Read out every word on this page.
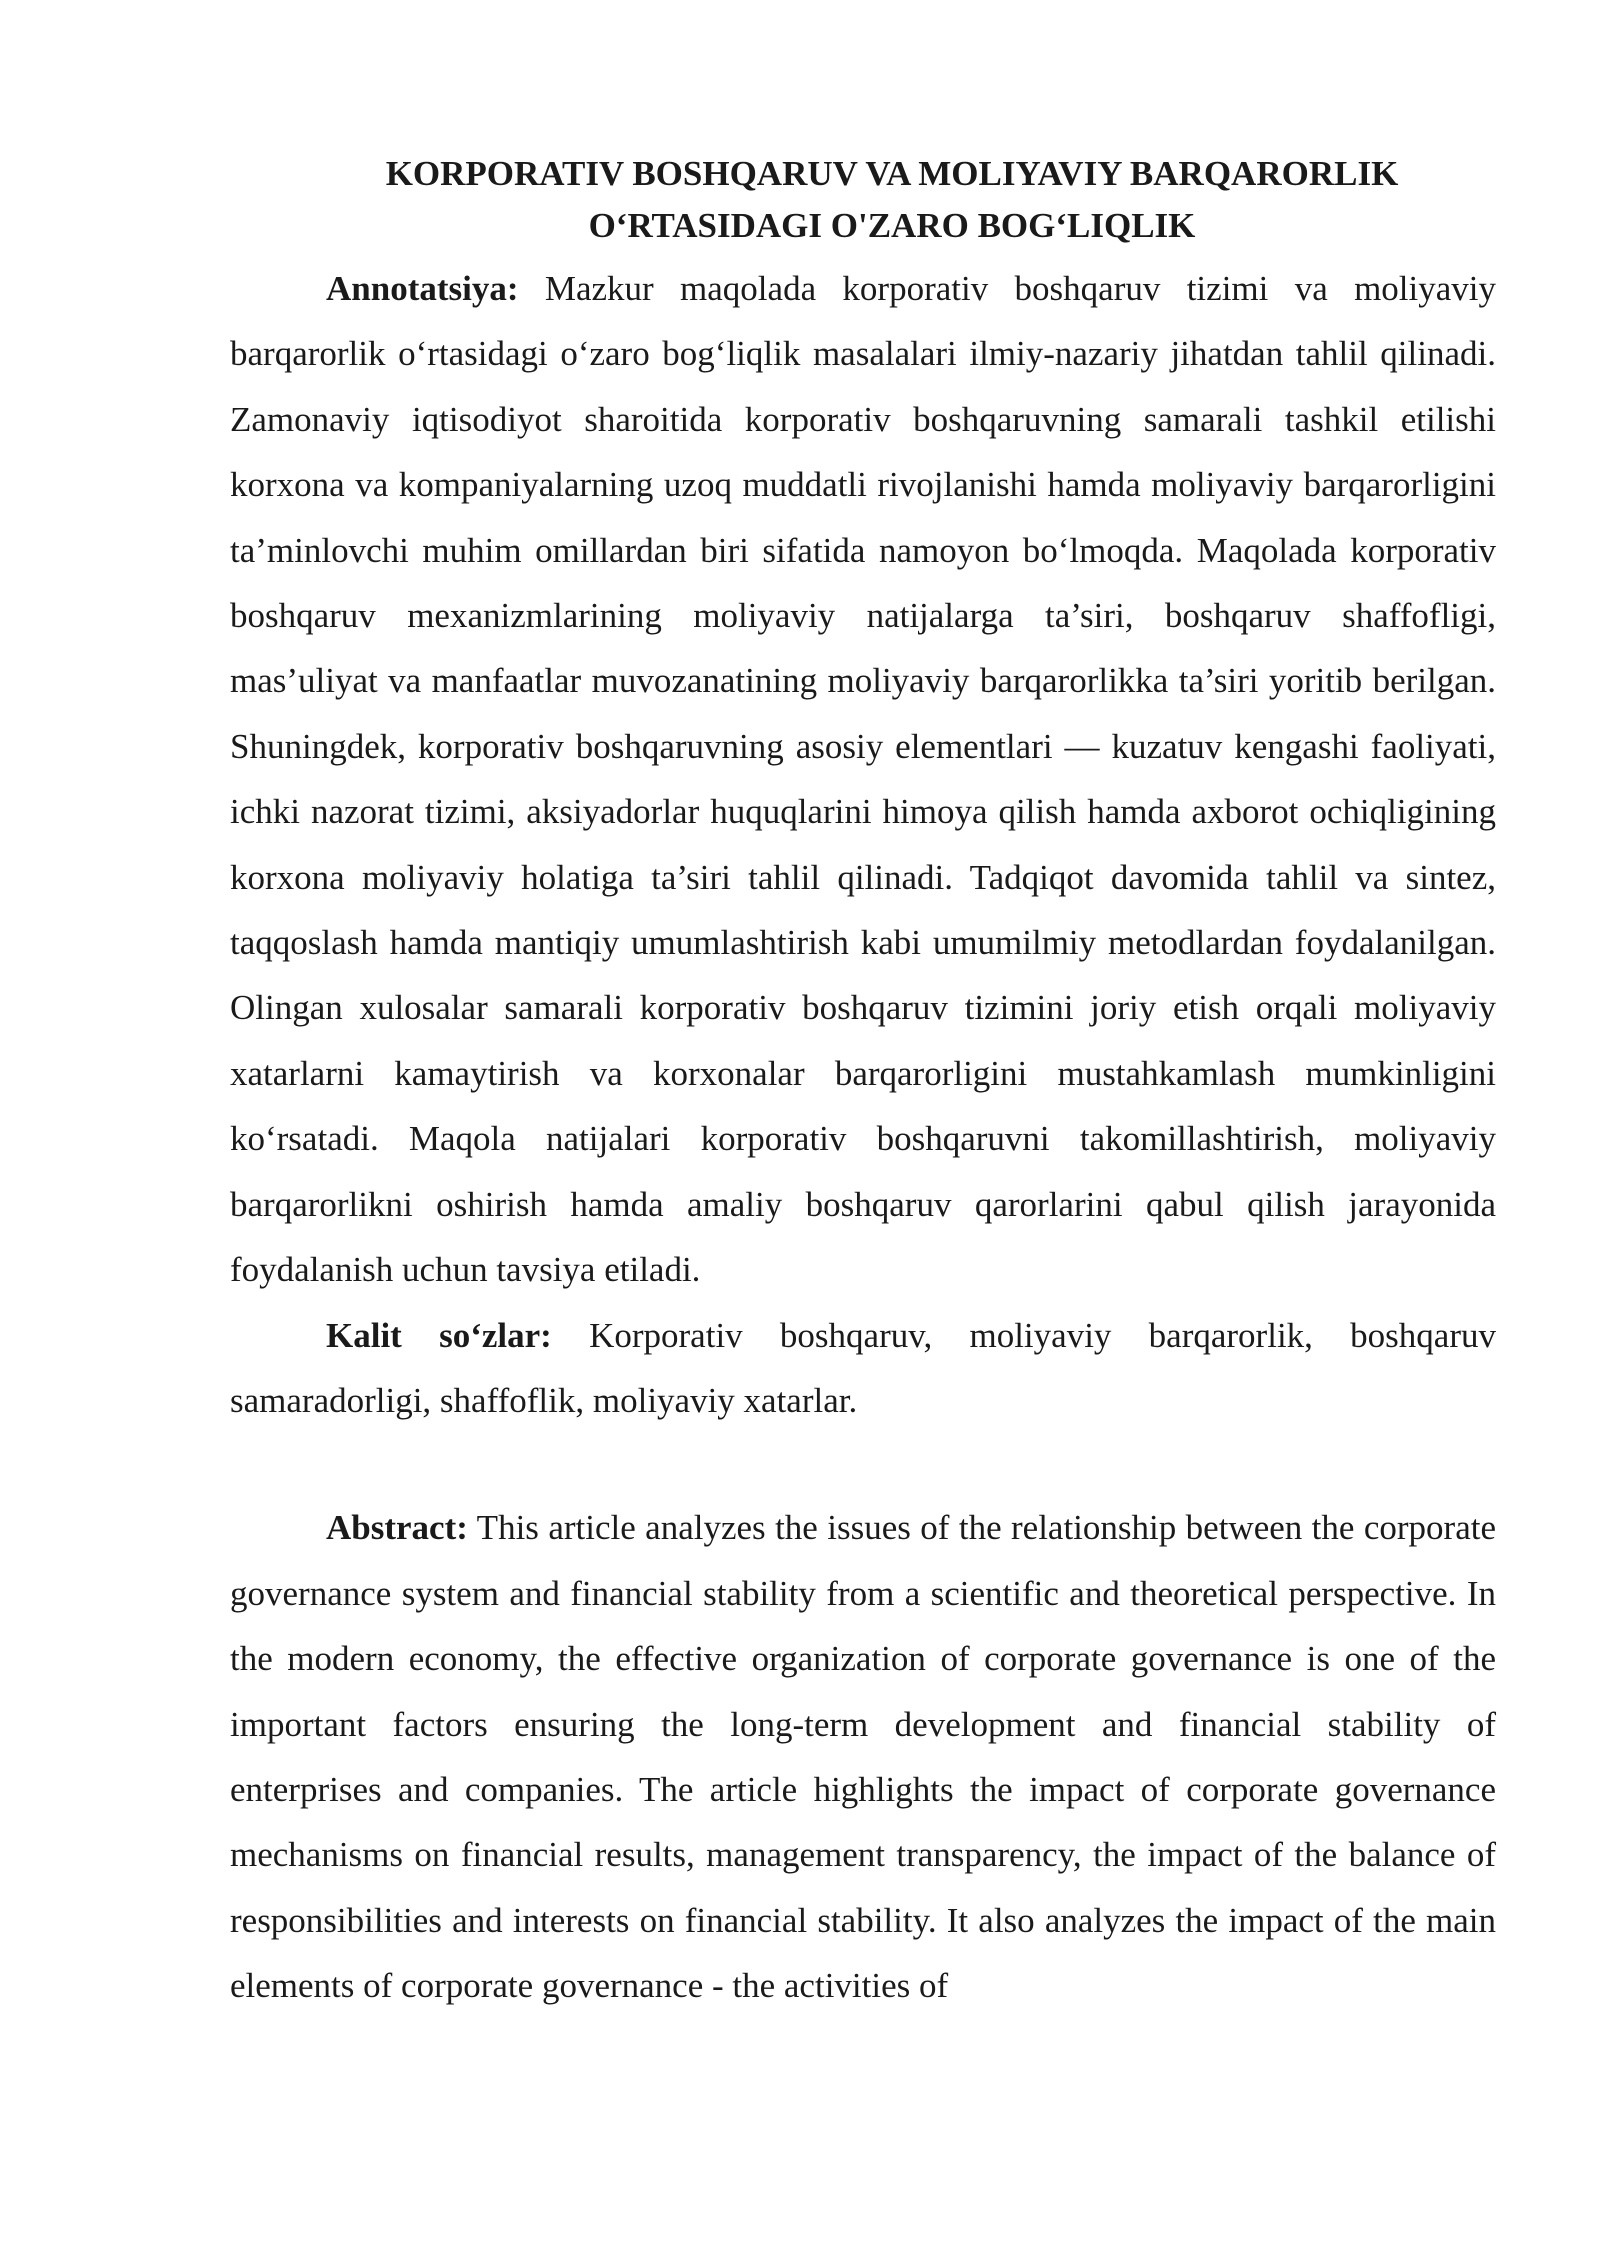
KORPORATIV BOSHQARUV VA MOLIYAVIY BARQARORLIK
O‘RTASIDAGI O'ZARO BOG‘LIQLIK

Annotatsiya: Mazkur maqolada korporativ boshqaruv tizimi va moliyaviy barqarorlik o‘rtasidagi o‘zaro bog‘liqlik masalalari ilmiy-nazariy jihatdan tahlil qilinadi. Zamonaviy iqtisodiyot sharoitida korporativ boshqaruvning samarali tashkil etilishi korxona va kompaniyalarning uzoq muddatli rivojlanishi hamda moliyaviy barqarorligini ta’minlovchi muhim omillardan biri sifatida namoyon bo‘lmoqda. Maqolada korporativ boshqaruv mexanizmlarining moliyaviy natijalarga ta’siri, boshqaruv shaffofligi, mas’uliyat va manfaatlar muvozanatining moliyaviy barqarorlikka ta’siri yoritib berilgan. Shuningdek, korporativ boshqaruvning asosiy elementlari — kuzatuv kengashi faoliyati, ichki nazorat tizimi, aksiyadorlar huquqlarini himoya qilish hamda axborot ochiqligining korxona moliyaviy holatiga ta’siri tahlil qilinadi. Tadqiqot davomida tahlil va sintez, taqqoslash hamda mantiqiy umumlashtirish kabi umumilmiy metodlardan foydalanilgan. Olingan xulosalar samarali korporativ boshqaruv tizimini joriy etish orqali moliyaviy xatarlarni kamaytirish va korxonalar barqarorligini mustahkamlash mumkinligini ko‘rsatadi. Maqola natijalari korporativ boshqaruvni takomillashtirish, moliyaviy barqarorlikni oshirish hamda amaliy boshqaruv qarorlarini qabul qilish jarayonida foydalanish uchun tavsiya etiladi.

Kalit so‘zlar: Korporativ boshqaruv, moliyaviy barqarorlik, boshqaruv samaradorligi, shaffoflik, moliyaviy xatarlar.

Abstract: This article analyzes the issues of the relationship between the corporate governance system and financial stability from a scientific and theoretical perspective. In the modern economy, the effective organization of corporate governance is one of the important factors ensuring the long-term development and financial stability of enterprises and companies. The article highlights the impact of corporate governance mechanisms on financial results, management transparency, the impact of the balance of responsibilities and interests on financial stability. It also analyzes the impact of the main elements of corporate governance - the activities of
